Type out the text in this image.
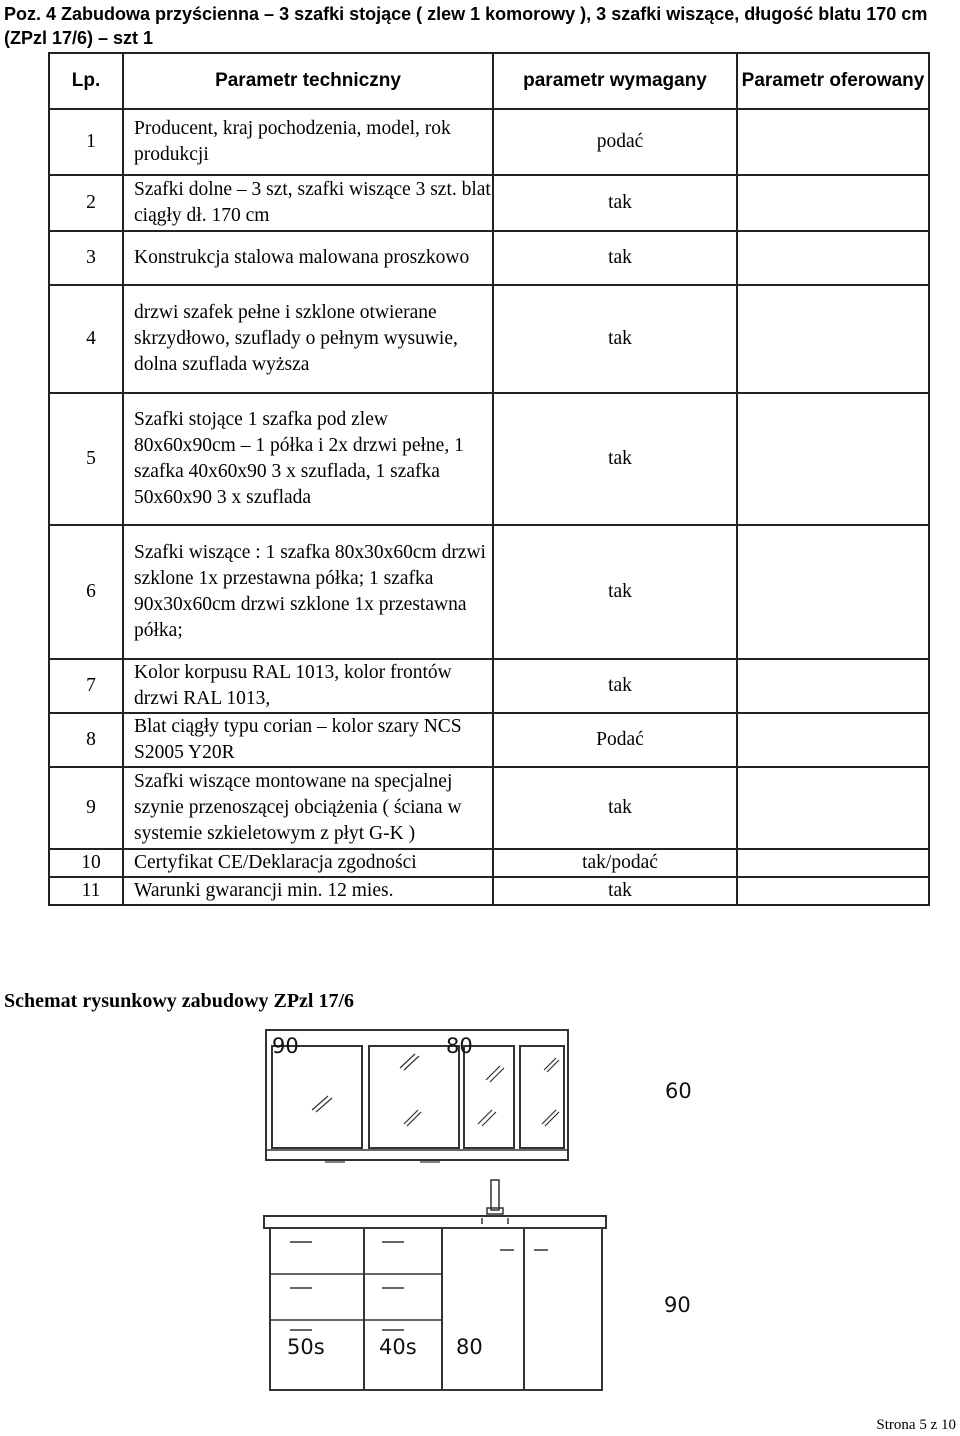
Poz. 4 Zabudowa przyścienna – 3 szafki stojące ( zlew 1 komorowy ), 3 szafki wiszące, długość blatu 170 cm (ZPzl 17/6) – szt 1
Lp.	Parametr techniczny	parametr wymagany	Parametr oferowany
1	Producent, kraj pochodzenia, model, rok produkcji	podać	
2	Szafki dolne – 3 szt, szafki wiszące 3 szt. blat ciągły dł. 170 cm	tak	
3	Konstrukcja stalowa malowana proszkowo	tak	
4	drzwi szafek pełne i szklone otwierane skrzydłowo, szuflady o pełnym wysuwie, dolna szuflada wyższa	tak	
5	Szafki stojące 1 szafka pod zlew 80x60x90cm – 1 półka i 2x drzwi pełne, 1 szafka 40x60x90 3 x szuflada, 1 szafka 50x60x90 3 x szuflada	tak	
6	Szafki wiszące : 1 szafka 80x30x60cm drzwi szklone 1x przestawna półka; 1 szafka 90x30x60cm drzwi szklone 1x przestawna półka;	tak	
7	Kolor korpusu RAL 1013, kolor frontów drzwi RAL 1013,	tak	
8	Blat ciągły typu corian – kolor szary NCS S2005 Y20R	Podać	
9	Szafki wiszące montowane na specjalnej szynie przenoszącej obciążenia ( ściana w systemie szkieletowym z płyt G-K )	tak	
10	Certyfikat CE/Deklaracja zgodności	tak/podać	
11	Warunki gwarancji min. 12 mies.	tak	
Schemat rysunkowy zabudowy ZPzl 17/6
90	80
60
50s	40s 80
90
Strona 5 z 10
